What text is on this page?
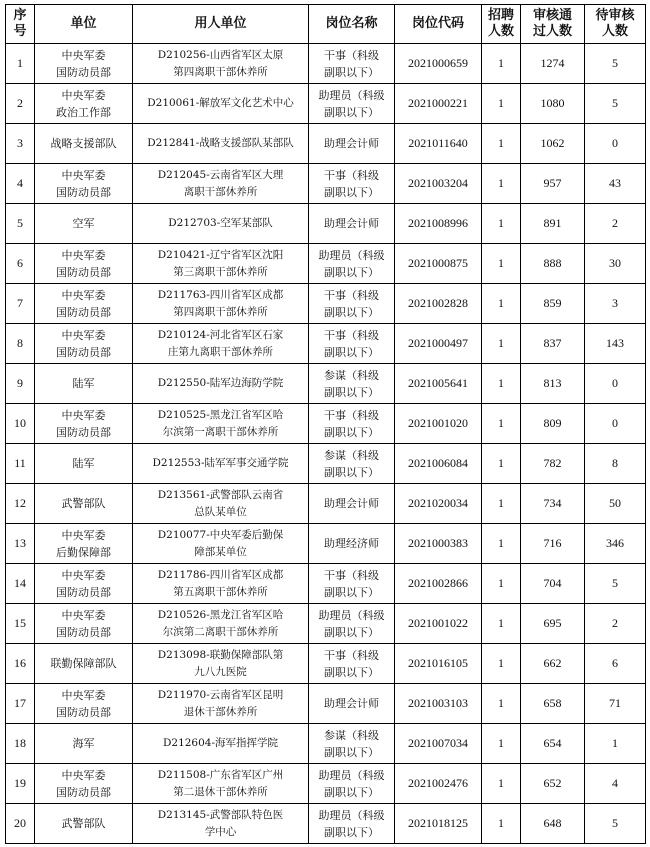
序
号	单位	用人单位	岗位名称	岗位代码	招聘
人数	审核通
过人数	待审核
人数
1	中央军委
国防动员部	D210256-山西省军区太原
第四离职干部休养所	干事（科级
副职以下）	2021000659	1	1274	5
2	中央军委
政治工作部	D210061-解放军文化艺术中心	助理员（科级
副职以下）	2021000221	1	1080	5
3	战略支援部队	D212841-战略支援部队某部队	助理会计师	2021011640	1	1062	0
4	中央军委
国防动员部	D212045-云南省军区大理
离职干部休养所	干事（科级
副职以下）	2021003204	1	957	43
5	空军	D212703-空军某部队	助理会计师	2021008996	1	891	2
6	中央军委
国防动员部	D210421-辽宁省军区沈阳
第三离职干部休养所	助理员（科级
副职以下）	2021000875	1	888	30
7	中央军委
国防动员部	D211763-四川省军区成都
第四离职干部休养所	干事（科级
副职以下）	2021002828	1	859	3
8	中央军委
国防动员部	D210124-河北省军区石家
庄第九离职干部休养所	干事（科级
副职以下）	2021000497	1	837	143
9	陆军	D212550-陆军边海防学院	参谋（科级
副职以下）	2021005641	1	813	0
10	中央军委
国防动员部	D210525-黑龙江省军区哈
尔滨第一离职干部休养所	干事（科级
副职以下）	2021001020	1	809	0
11	陆军	D212553-陆军军事交通学院	参谋（科级
副职以下）	2021006084	1	782	8
12	武警部队	D213561-武警部队云南省
总队某单位	助理会计师	2021020034	1	734	50
13	中央军委
后勤保障部	D210077-中央军委后勤保
障部某单位	助理经济师	2021000383	1	716	346
14	中央军委
国防动员部	D211786-四川省军区成都
第五离职干部休养所	干事（科级
副职以下）	2021002866	1	704	5
15	中央军委
国防动员部	D210526-黑龙江省军区哈
尔滨第二离职干部休养所	助理员（科级
副职以下）	2021001022	1	695	2
16	联勤保障部队	D213098-联勤保障部队第
九八九医院	干事（科级
副职以下）	2021016105	1	662	6
17	中央军委
国防动员部	D211970-云南省军区昆明
退休干部休养所	助理会计师	2021003103	1	658	71
18	海军	D212604-海军指挥学院	参谋（科级
副职以下）	2021007034	1	654	1
19	中央军委
国防动员部	D211508-广东省军区广州
第二退休干部休养所	助理员（科级
副职以下）	2021002476	1	652	4
20	武警部队	D213145-武警部队特色医
学中心	助理员（科级
副职以下）	2021018125	1	648	5
